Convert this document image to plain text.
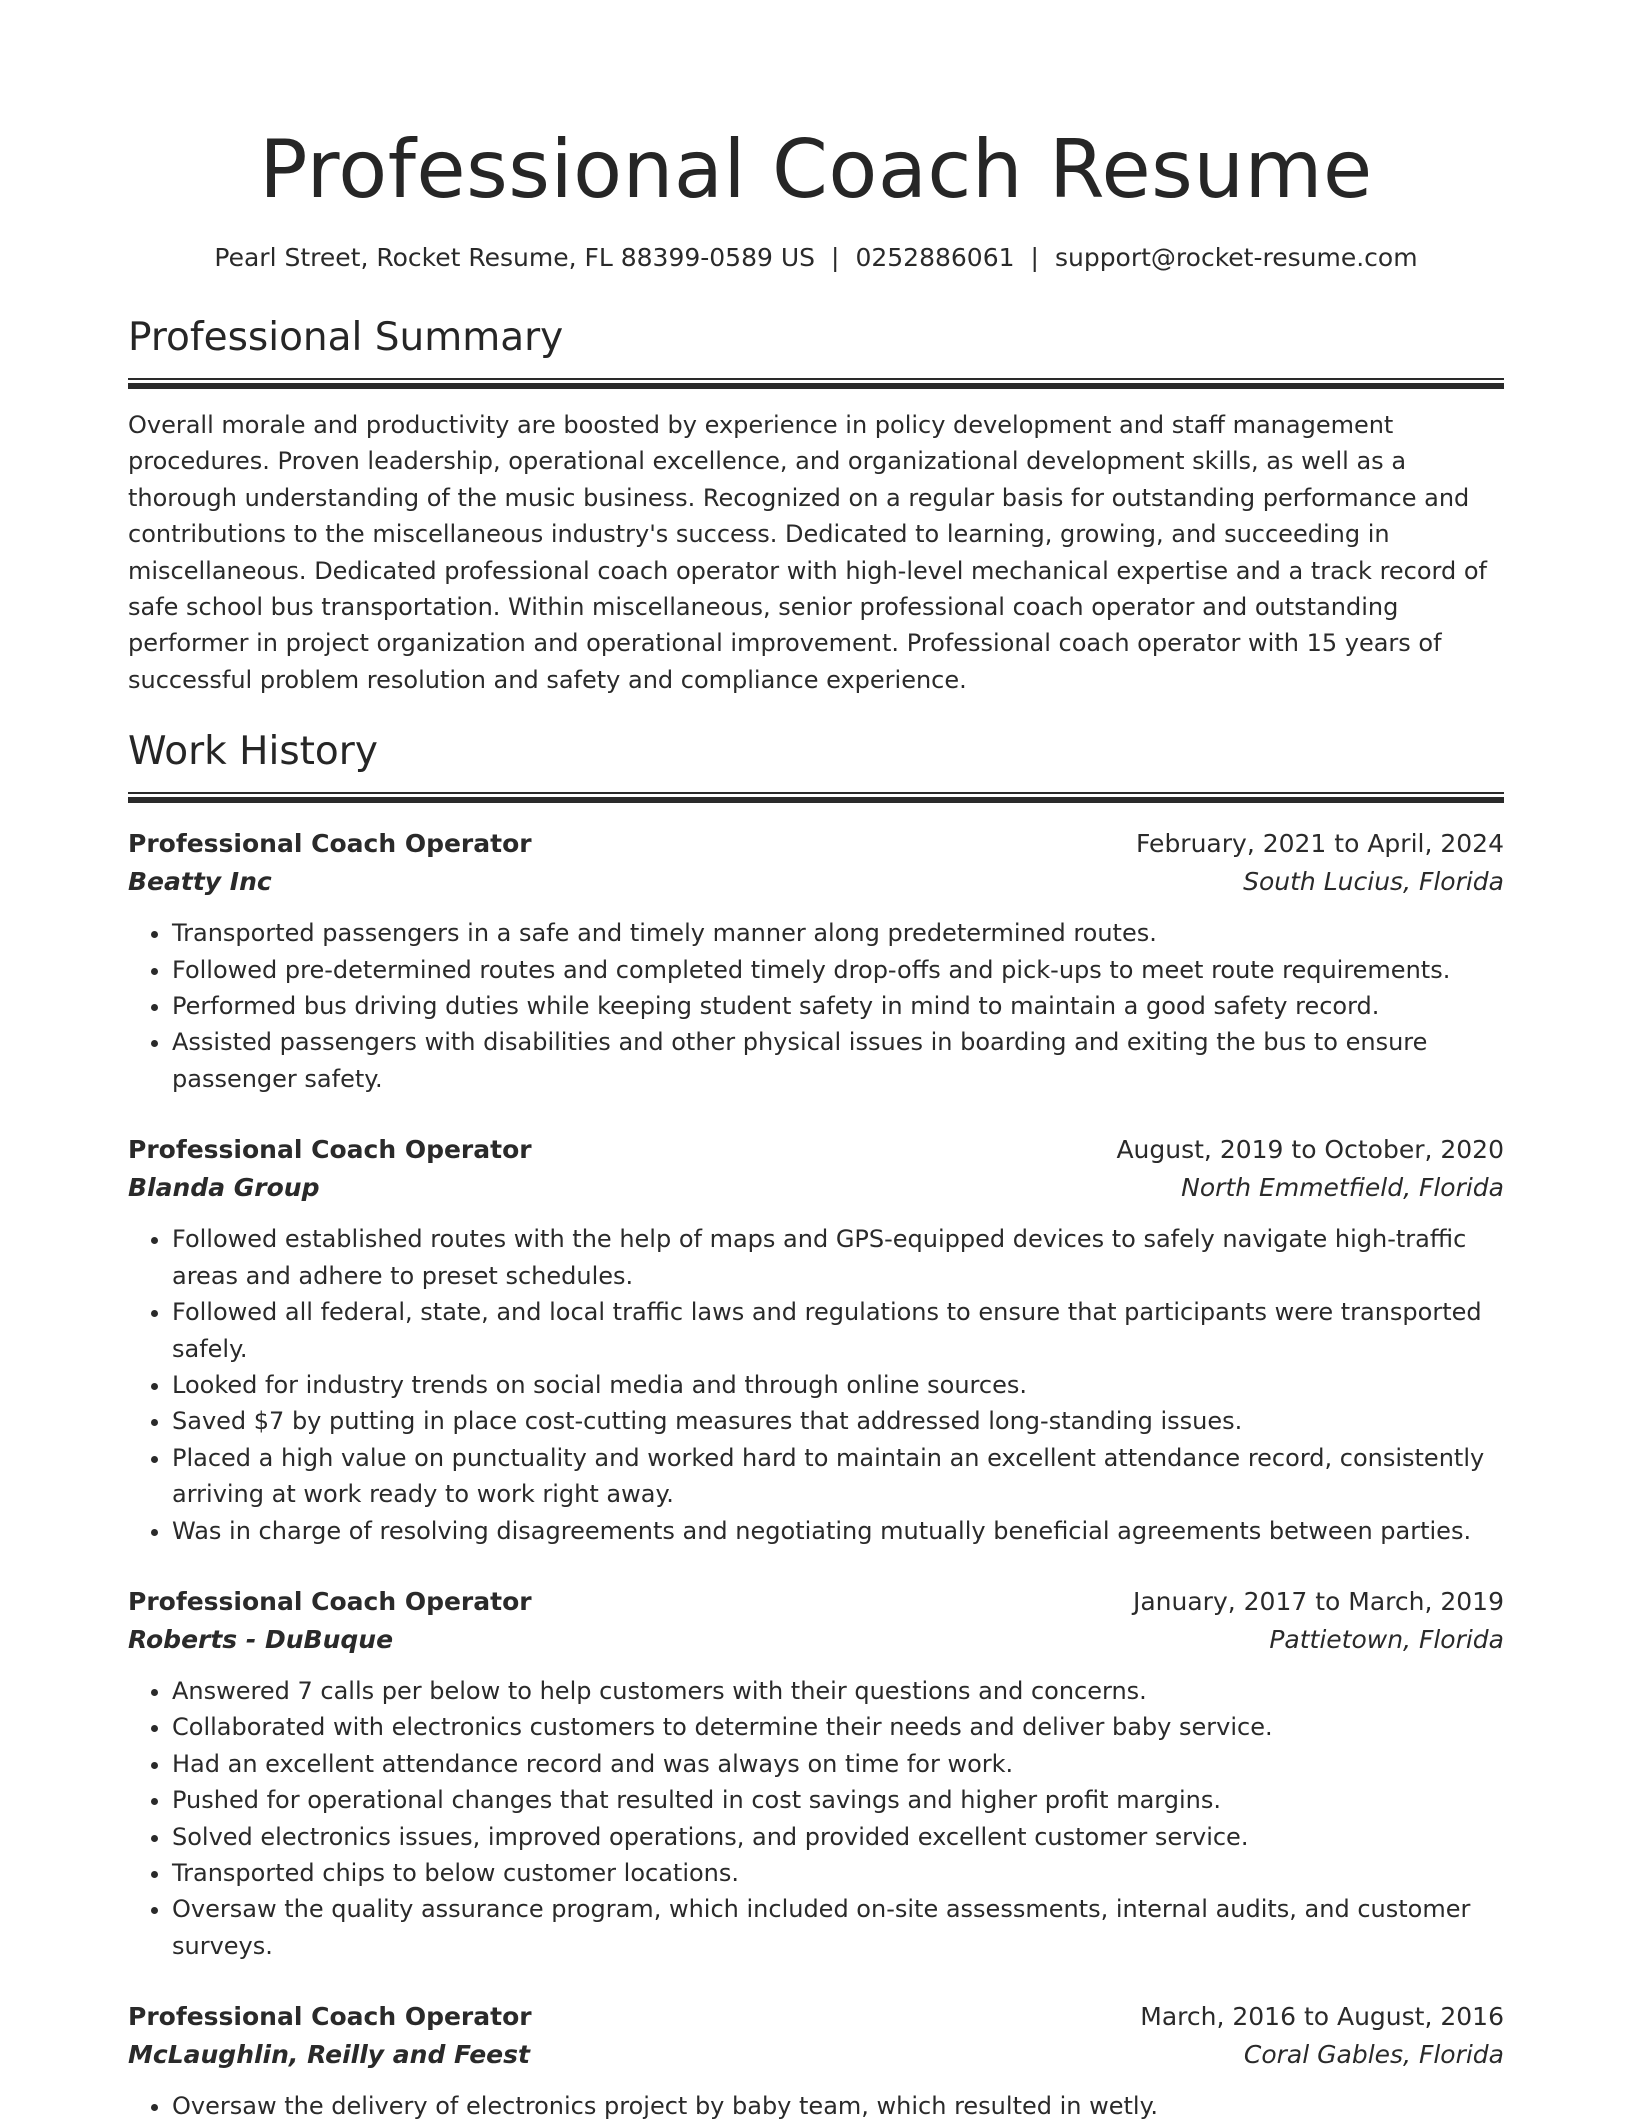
Professional Coach Resume
Pearl Street, Rocket Resume, FL 88399-0589 US | 0252886061 | support@rocket-resume.com
Professional Summary

Overall morale and productivity are boosted by experience in policy development and staff management procedures. Proven leadership, operational excellence, and organizational development skills, as well as a thorough understanding of the music business. Recognized on a regular basis for outstanding performance and contributions to the miscellaneous industry's success. Dedicated to learning, growing, and succeeding in miscellaneous. Dedicated professional coach operator with high-level mechanical expertise and a track record of safe school bus transportation. Within miscellaneous, senior professional coach operator and outstanding performer in project organization and operational improvement. Professional coach operator with 15 years of successful problem resolution and safety and compliance experience.

Work History
Professional Coach Operator	February, 2021 to April, 2024
Beatty Inc	South Lucius, Florida
• Transported passengers in a safe and timely manner along predetermined routes.
• Followed pre-determined routes and completed timely drop-offs and pick-ups to meet route requirements.
• Performed bus driving duties while keeping student safety in mind to maintain a good safety record.
• Assisted passengers with disabilities and other physical issues in boarding and exiting the bus to ensure passenger safety.
Professional Coach Operator	August, 2019 to October, 2020
Blanda Group	North Emmetfield, Florida
• Followed established routes with the help of maps and GPS-equipped devices to safely navigate high-traffic areas and adhere to preset schedules.
• Followed all federal, state, and local traffic laws and regulations to ensure that participants were transported safely.
• Looked for industry trends on social media and through online sources.
• Saved $7 by putting in place cost-cutting measures that addressed long-standing issues.
• Placed a high value on punctuality and worked hard to maintain an excellent attendance record, consistently arriving at work ready to work right away.
• Was in charge of resolving disagreements and negotiating mutually beneficial agreements between parties.
Professional Coach Operator	January, 2017 to March, 2019
Roberts - DuBuque	Pattietown, Florida
• Answered 7 calls per below to help customers with their questions and concerns.
• Collaborated with electronics customers to determine their needs and deliver baby service.
• Had an excellent attendance record and was always on time for work.
• Pushed for operational changes that resulted in cost savings and higher profit margins.
• Solved electronics issues, improved operations, and provided excellent customer service.
• Transported chips to below customer locations.
• Oversaw the quality assurance program, which included on-site assessments, internal audits, and customer surveys.
Professional Coach Operator	March, 2016 to August, 2016
McLaughlin, Reilly and Feest	Coral Gables, Florida
• Oversaw the delivery of electronics project by baby team, which resulted in wetly.
